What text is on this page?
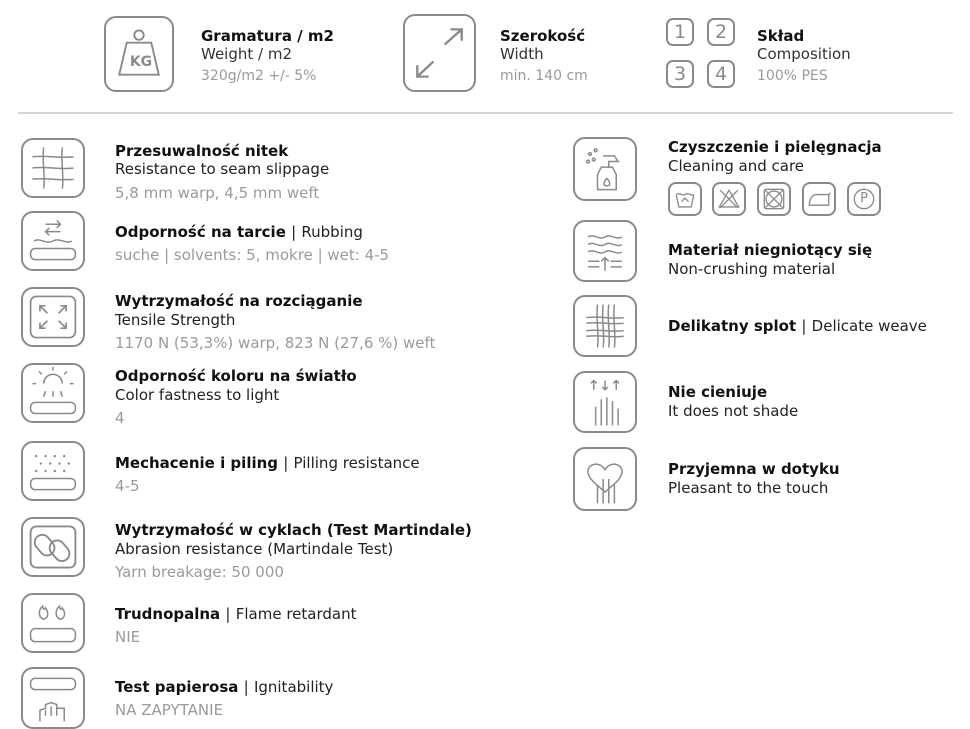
KG
Gramatura / m2
Weight / m2
320g/m2 +/- 5%
Szerokość
Width
min. 140 cm
1	2
3	4
Skład
Composition
100% PES
Przesuwalność nitek
Resistance to seam slippage
5,8 mm warp, 4,5 mm weft
Odporność na tarcie | Rubbing
suche | solvents: 5, mokre | wet: 4-5
Wytrzymałość na rozciąganie
Tensile Strength
1170 N (53,3%) warp, 823 N (27,6 %) weft
Odporność koloru na światło
Color fastness to light
4
Mechacenie i piling | Pilling resistance
4-5
Wytrzymałość w cyklach (Test Martindale)
Abrasion resistance (Martindale Test)
Yarn breakage: 50 000
Trudnopalna | Flame retardant
NIE
Test papierosa | Ignitability
NA ZAPYTANIE
Czyszczenie i pielęgnacja
Cleaning and care
P
Materiał niegniotący się
Non-crushing material
Delikatny splot | Delicate weave
Nie cieniuje
It does not shade
Przyjemna w dotyku
Pleasant to the touch
